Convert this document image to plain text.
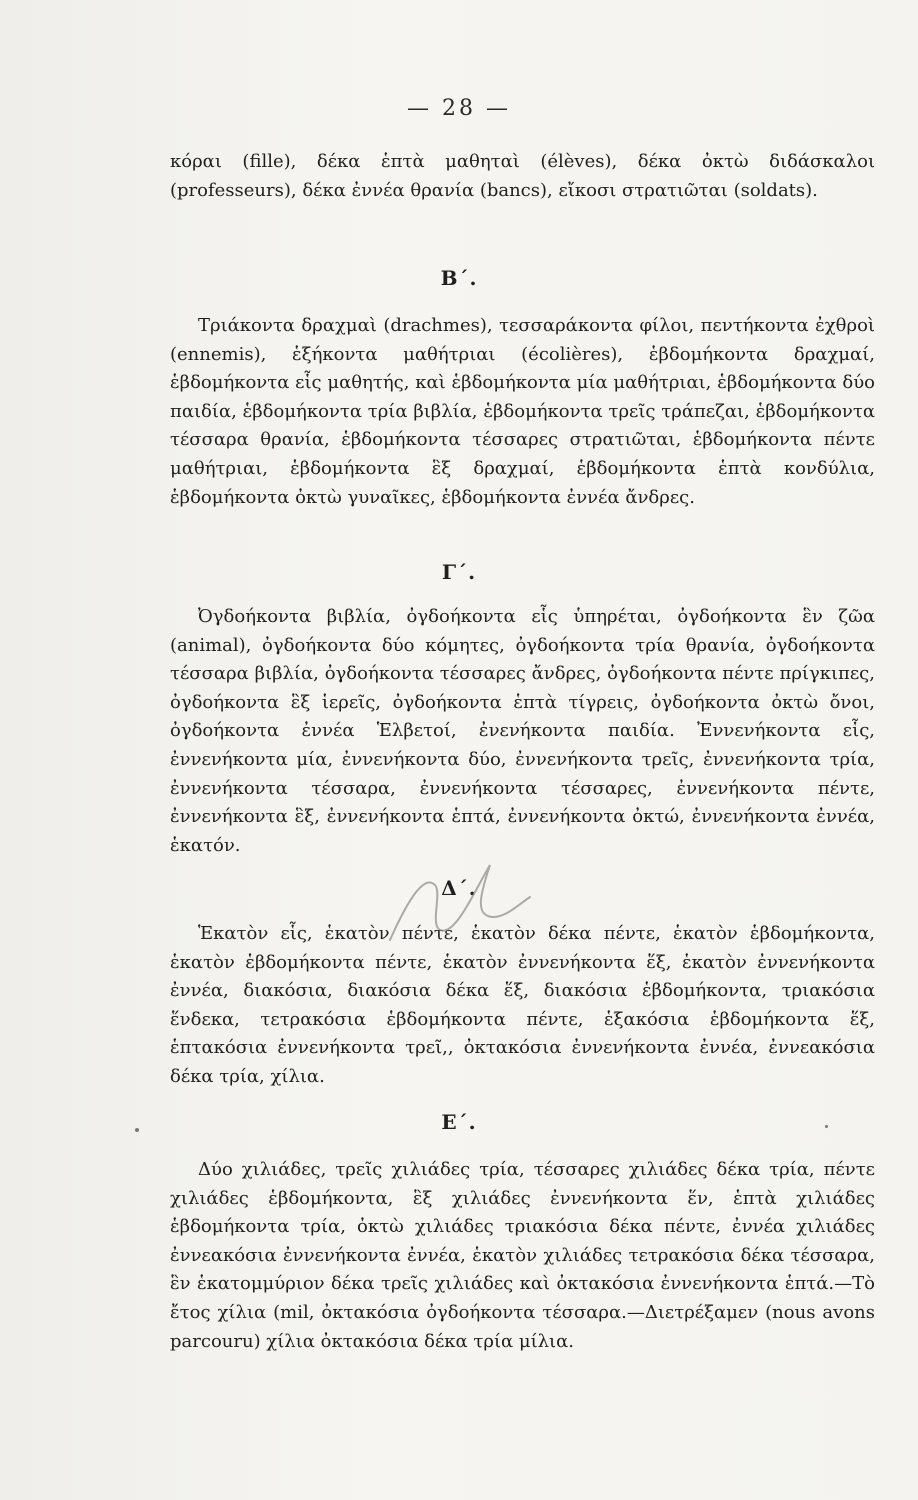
— 28 —

κόραι (fille), δέκα ἑπτὰ μαθηταὶ (élèves), δέκα ὀκτὼ διδάσκαλοι (professeurs), δέκα ἐννέα θρανία (bancs), εἴκοσι στρατιῶται (soldats).

Β΄.

Τριάκοντα δραχμαὶ (drachmes), τεσσαράκοντα φίλοι, πεντήκοντα ἐχθροὶ (ennemis), ἑξήκοντα μαθήτριαι (écolières), ἑβδομήκοντα δραχμαί, ἑβδομήκοντα εἷς μαθητής, καὶ ἑβδομήκοντα μία μαθήτριαι, ἑβδομήκοντα δύο παιδία, ἑβδομήκοντα τρία βιβλία, ἑβδομήκοντα τρεῖς τράπεζαι, ἑβδομήκοντα τέσσαρα θρανία, ἑβδομήκοντα τέσσαρες στρατιῶται, ἑβδομήκοντα πέντε μαθήτριαι, ἑβδομήκοντα ἓξ δραχμαί, ἑβδομήκοντα ἑπτὰ κονδύλια, ἑβδομήκοντα ὀκτὼ γυναῖκες, ἑβδομήκοντα ἐννέα ἄνδρες.

Γ΄.

Ὀγδοήκοντα βιβλία, ὀγδοήκοντα εἷς ὑπηρέται, ὀγδοήκοντα ἓν ζῶα (animal), ὀγδοήκοντα δύο κόμητες, ὀγδοήκοντα τρία θρανία, ὀγδοήκοντα τέσσαρα βιβλία, ὀγδοήκοντα τέσσαρες ἄνδρες, ὀγδοήκοντα πέντε πρίγκιπες, ὀγδοήκοντα ἓξ ἱερεῖς, ὀγδοήκοντα ἑπτὰ τίγρεις, ὀγδοήκοντα ὀκτὼ ὄνοι, ὀγδοήκοντα ἐννέα Ἑλβετοί, ἐνενήκοντα παιδία. Ἐννενήκοντα εἷς, ἐννενήκοντα μία, ἐννενήκοντα δύο, ἐννενήκοντα τρεῖς, ἐννενήκοντα τρία, ἐννενήκοντα τέσσαρα, ἐννενήκοντα τέσσαρες, ἐννενήκοντα πέντε, ἐννενήκοντα ἓξ, ἐννενήκοντα ἑπτά, ἐννενήκοντα ὀκτώ, ἐννενήκοντα ἐννέα, ἑκατόν.

Δ΄.

Ἑκατὸν εἷς, ἑκατὸν πέντε, ἑκατὸν δέκα πέντε, ἑκατὸν ἑβδομήκοντα, ἑκατὸν ἑβδομήκοντα πέντε, ἑκατὸν ἐννενήκοντα ἕξ, ἑκατὸν ἐννενήκοντα ἐννέα, διακόσια, διακόσια δέκα ἕξ, διακόσια ἑβδομήκοντα, τριακόσια ἕνδεκα, τετρακόσια ἑβδομήκοντα πέντε, ἑξακόσια ἑβδομήκοντα ἕξ, ἑπτακόσια ἐννενήκοντα τρεῖ,, ὀκτακόσια ἐννενήκοντα ἐννέα, ἐννεακόσια δέκα τρία, χίλια.

Ε΄.

Δύο χιλιάδες, τρεῖς χιλιάδες τρία, τέσσαρες χιλιάδες δέκα τρία, πέντε χιλιάδες ἑβδομήκοντα, ἓξ χιλιάδες ἐννενήκοντα ἕν, ἑπτὰ χιλιάδες ἑβδομήκοντα τρία, ὀκτὼ χιλιάδες τριακόσια δέκα πέντε, ἐννέα χιλιάδες ἐννεακόσια ἐννενήκοντα ἐννέα, ἑκατὸν χιλιάδες τετρακόσια δέκα τέσσαρα, ἓν ἑκατομμύριον δέκα τρεῖς χιλιάδες καὶ ὀκτακόσια ἐννενήκοντα ἑπτά.—Τὸ ἔτος χίλια (mil, ὀκτακόσια ὀγδοήκοντα τέσσαρα.—Διετρέξαμεν (nous avons parcouru) χίλια ὀκτακόσια δέκα τρία μίλια.
